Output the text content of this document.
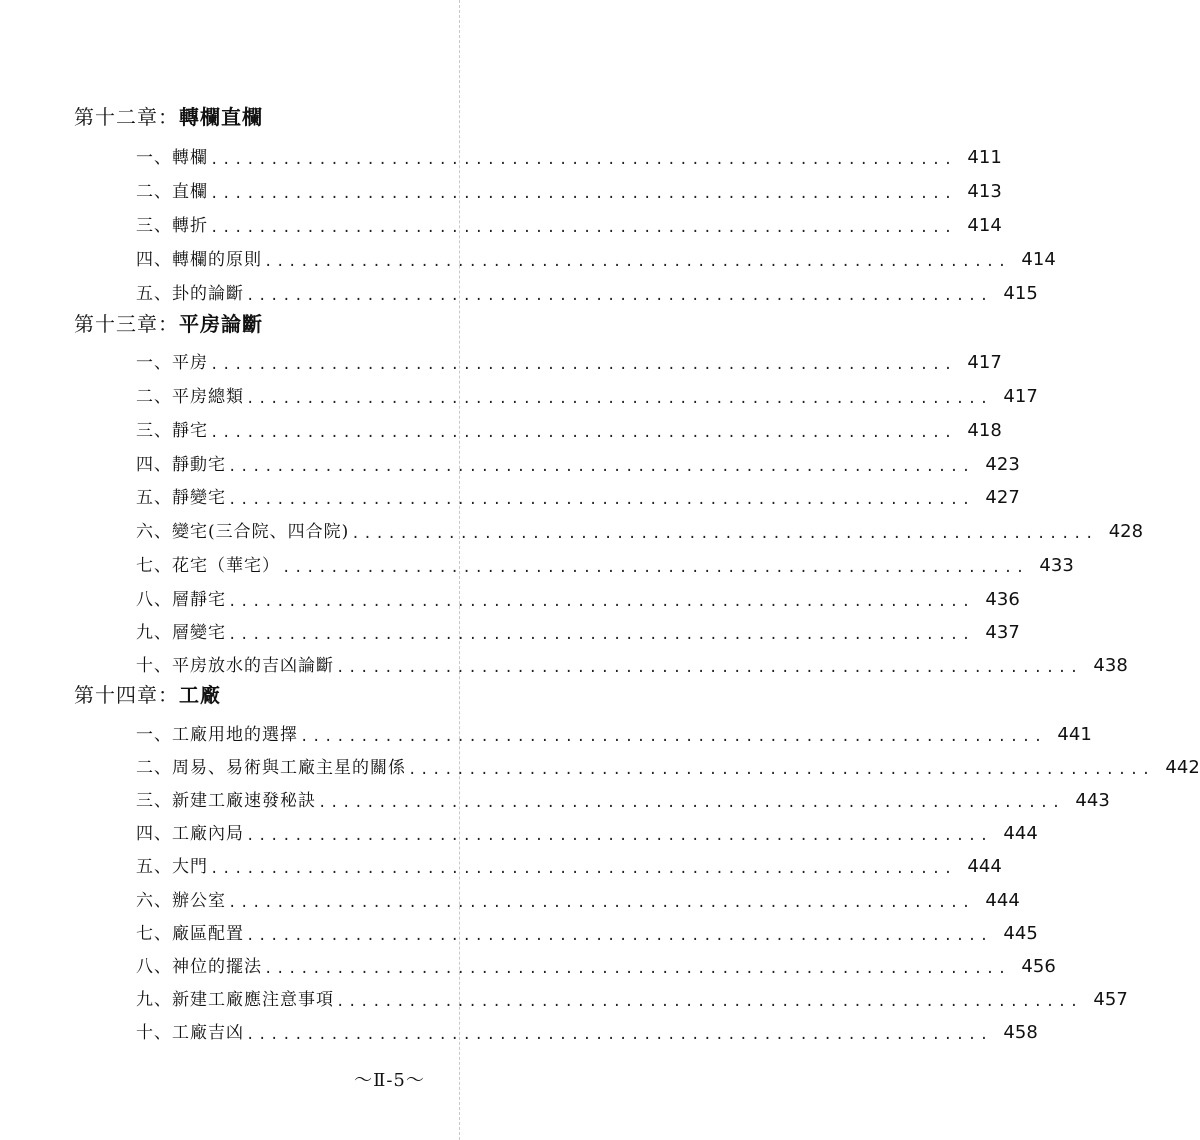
第十二章：轉欄直欄
一、轉欄 .............................................................. 411
二、直欄 .............................................................. 413
三、轉折 .............................................................. 414
四、轉欄的原則 .............................................................. 414
五、卦的論斷 .............................................................. 415
第十三章：平房論斷
一、平房 .............................................................. 417
二、平房總類 .............................................................. 417
三、靜宅 .............................................................. 418
四、靜動宅 .............................................................. 423
五、靜變宅 .............................................................. 427
六、變宅(三合院、四合院) .............................................................. 428
七、花宅（華宅） .............................................................. 433
八、層靜宅 .............................................................. 436
九、層變宅 .............................................................. 437
十、平房放水的吉凶論斷 .............................................................. 438
第十四章：工廠
一、工廠用地的選擇 .............................................................. 441
二、周易、易術與工廠主星的關係 .............................................................. 442
三、新建工廠速發秘訣 .............................................................. 443
四、工廠內局 .............................................................. 444
五、大門 .............................................................. 444
六、辦公室 .............................................................. 444
七、廠區配置 .............................................................. 445
八、神位的擺法 .............................................................. 456
九、新建工廠應注意事項 .............................................................. 457
十、工廠吉凶 .............................................................. 458
～Ⅱ-5～
